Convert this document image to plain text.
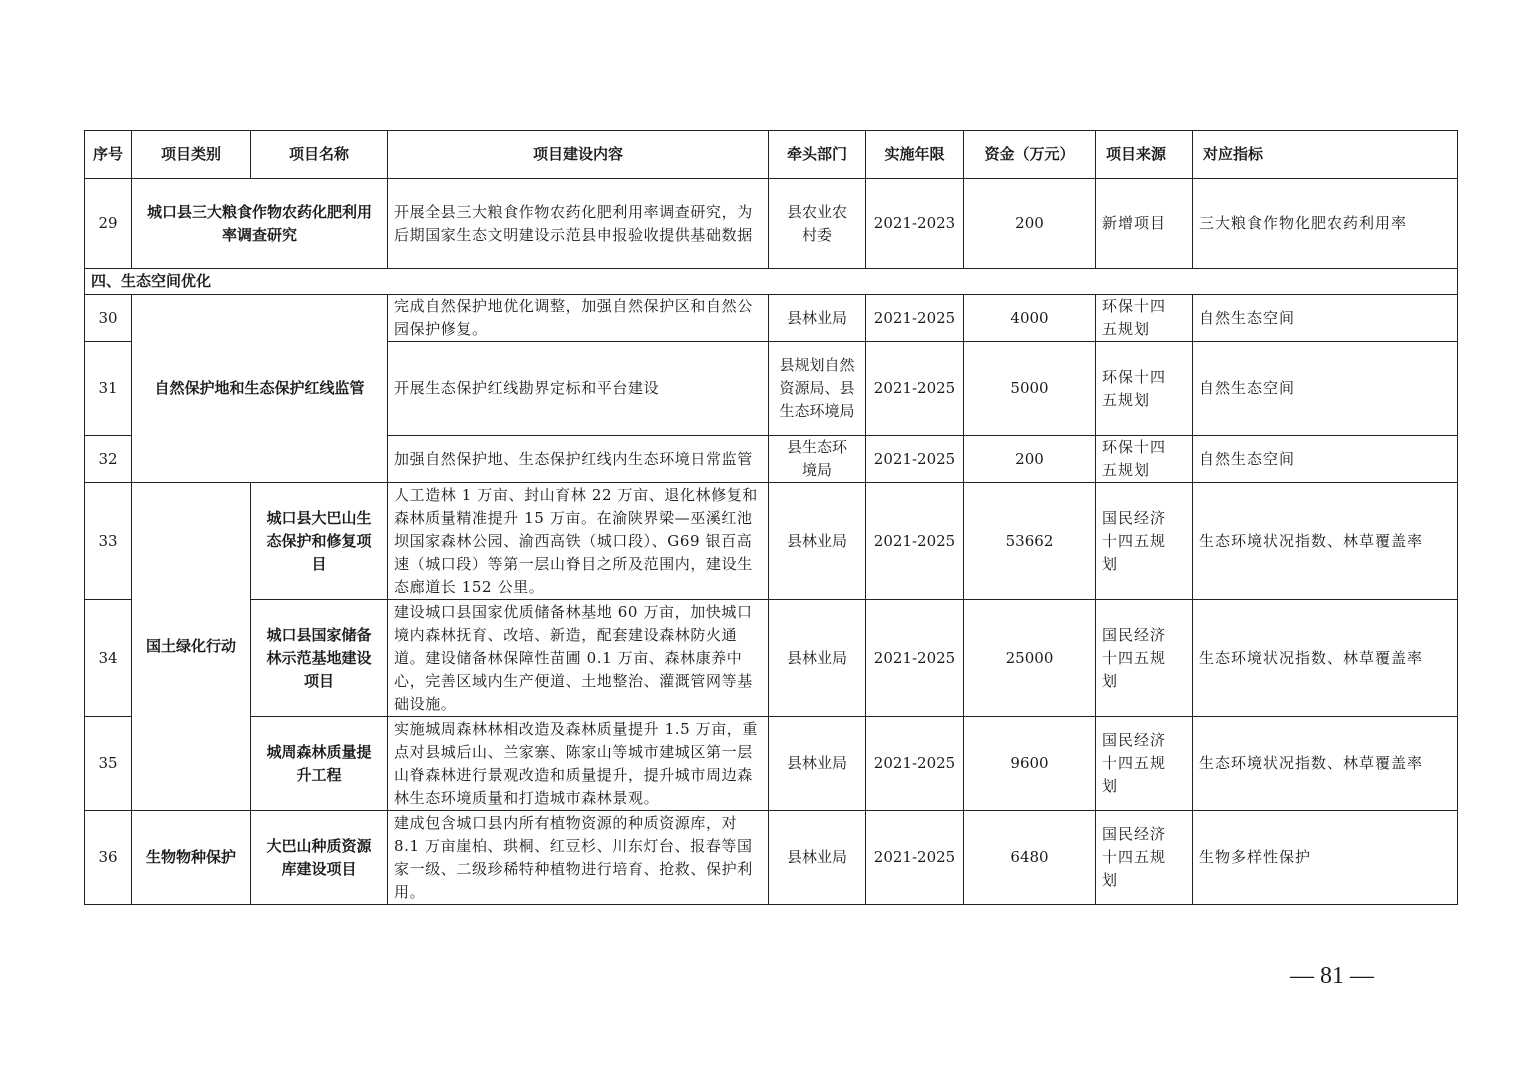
序号	项目类别	项目名称	项目建设内容	牵头部门	实施年限	资金（万元）	项目来源	对应指标
29	城口县三大粮食作物农药化肥利用率调查研究		开展全县三大粮食作物农药化肥利用率调查研究，为后期国家生态文明建设示范县申报验收提供基础数据	县农业农村委	2021-2023	200	新增项目	三大粮食作物化肥农药利用率
四、生态空间优化								
30	自然保护地和生态保护红线监管		完成自然保护地优化调整，加强自然保护区和自然公园保护修复。	县林业局	2021-2025	4000	环保十四五规划	自然生态空间
31			开展生态保护红线勘界定标和平台建设	县规划自然资源局、县生态环境局	2021-2025	5000	环保十四五规划	自然生态空间
32			加强自然保护地、生态保护红线内生态环境日常监管	县生态环境局	2021-2025	200	环保十四五规划	自然生态空间
33	国土绿化行动	城口县大巴山生态保护和修复项目	人工造林 1 万亩、封山育林 22 万亩、退化林修复和森林质量精准提升 15 万亩。在渝陕界梁—巫溪红池坝国家森林公园、渝西高铁（城口段）、G69 银百高速（城口段）等第一层山脊目之所及范围内，建设生态廊道长 152 公里。	县林业局	2021-2025	53662	国民经济十四五规划	生态环境状况指数、林草覆盖率
34		城口县国家储备林示范基地建设项目	建设城口县国家优质储备林基地 60 万亩，加快城口境内森林抚育、改培、新造，配套建设森林防火通道。建设储备林保障性苗圃 0.1 万亩、森林康养中心，完善区域内生产便道、土地整治、灌溉管网等基础设施。	县林业局	2021-2025	25000	国民经济十四五规划	生态环境状况指数、林草覆盖率
35		城周森林质量提升工程	实施城周森林林相改造及森林质量提升 1.5 万亩，重点对县城后山、兰家寨、陈家山等城市建城区第一层山脊森林进行景观改造和质量提升，提升城市周边森林生态环境质量和打造城市森林景观。	县林业局	2021-2025	9600	国民经济十四五规划	生态环境状况指数、林草覆盖率
36	生物物种保护	大巴山种质资源库建设项目	建成包含城口县内所有植物资源的种质资源库，对 8.1 万亩崖柏、珙桐、红豆杉、川东灯台、报春等国家一级、二级珍稀特种植物进行培育、抢救、保护利用。	县林业局	2021-2025	6480	国民经济十四五规划	生物多样性保护
— 81 —
